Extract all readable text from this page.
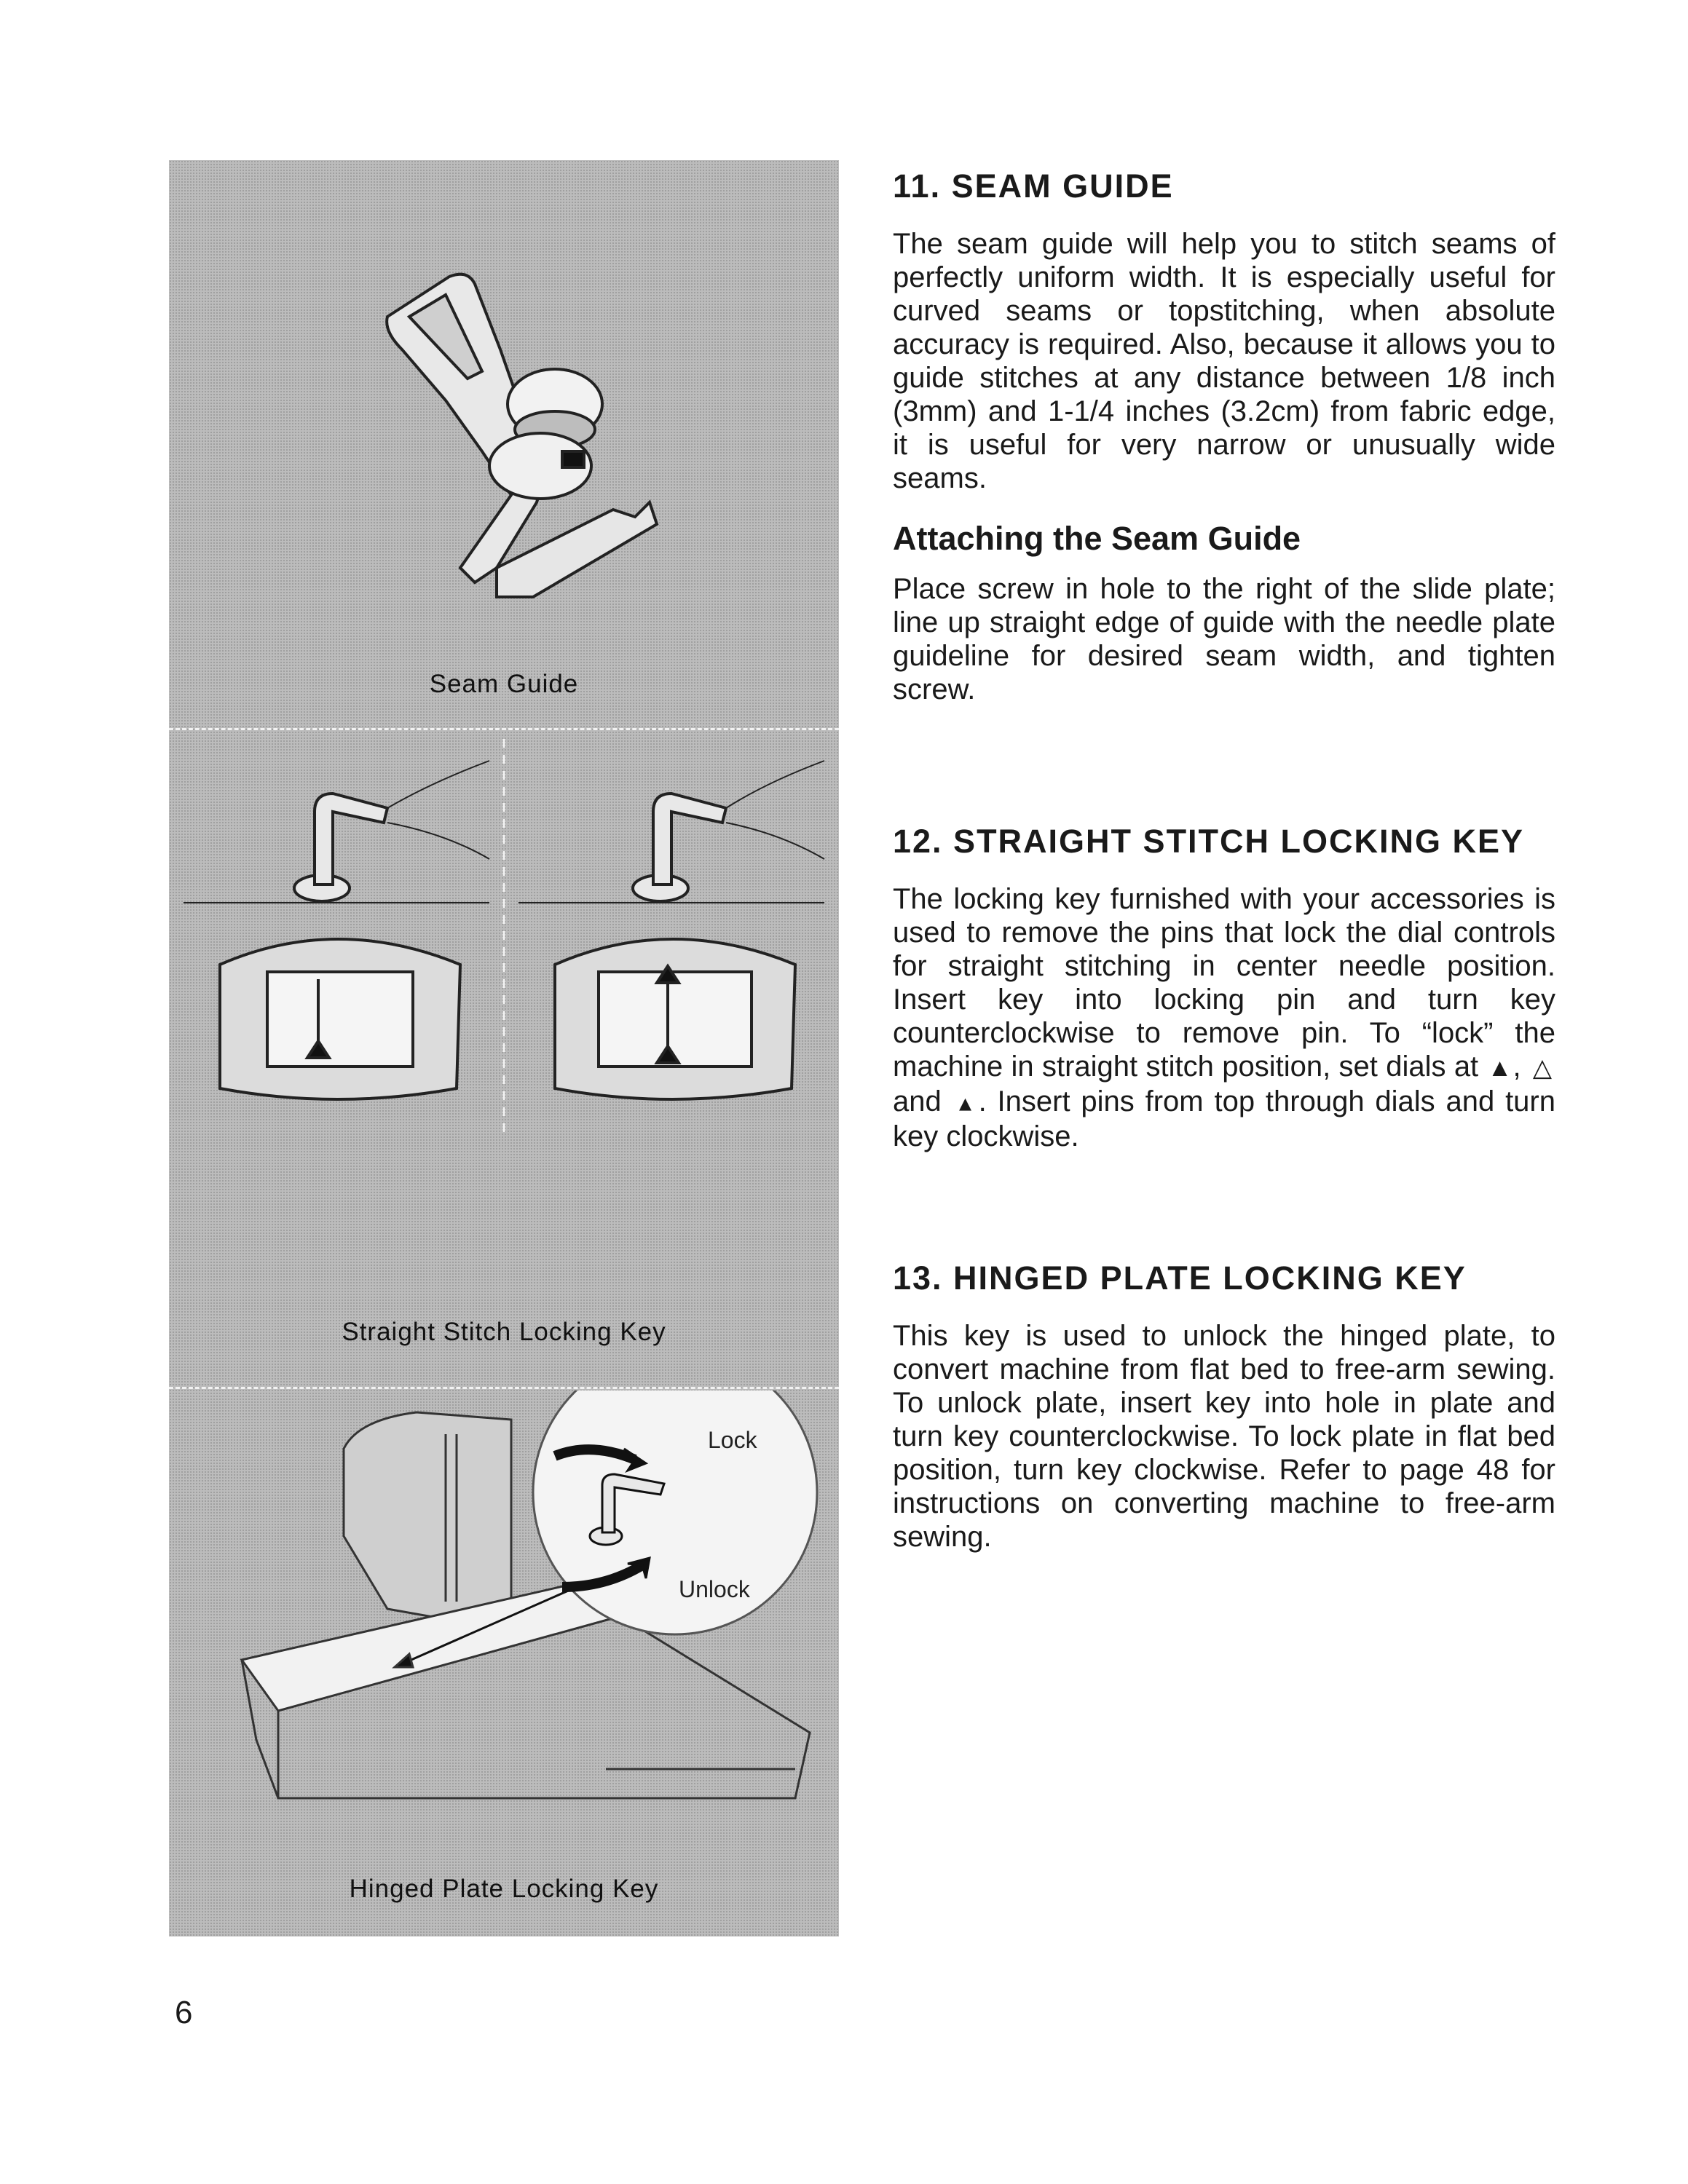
Seam Guide
Straight Stitch Locking Key
Lock
Unlock
Hinged Plate Locking Key
11. SEAM GUIDE

The seam guide will help you to stitch seams of perfectly uniform width. It is especially useful for curved seams or topstitching, when absolute accuracy is required. Also, because it allows you to guide stitches at any distance between 1/8 inch (3mm) and 1-1/4 inches (3.2cm) from fabric edge, it is useful for very narrow or unusually wide seams.

Attaching the Seam Guide

Place screw in hole to the right of the slide plate; line up straight edge of guide with the needle plate guideline for desired seam width, and tighten screw.

12. STRAIGHT STITCH LOCKING KEY

The locking key furnished with your accessories is used to remove the pins that lock the dial controls for straight stitching in center needle position. Insert key into locking pin and turn key counterclockwise to remove pin. To “lock” the machine in straight stitch position, set dials at ▲, △ and ▴ . Insert pins from top through dials and turn key clockwise.

13. HINGED PLATE LOCKING KEY

This key is used to unlock the hinged plate, to convert machine from flat bed to free-arm sewing. To unlock plate, insert key into hole in plate and turn key counterclockwise. To lock plate in flat bed position, turn key clockwise. Refer to page 48 for instructions on converting machine to free-arm sewing.

6
